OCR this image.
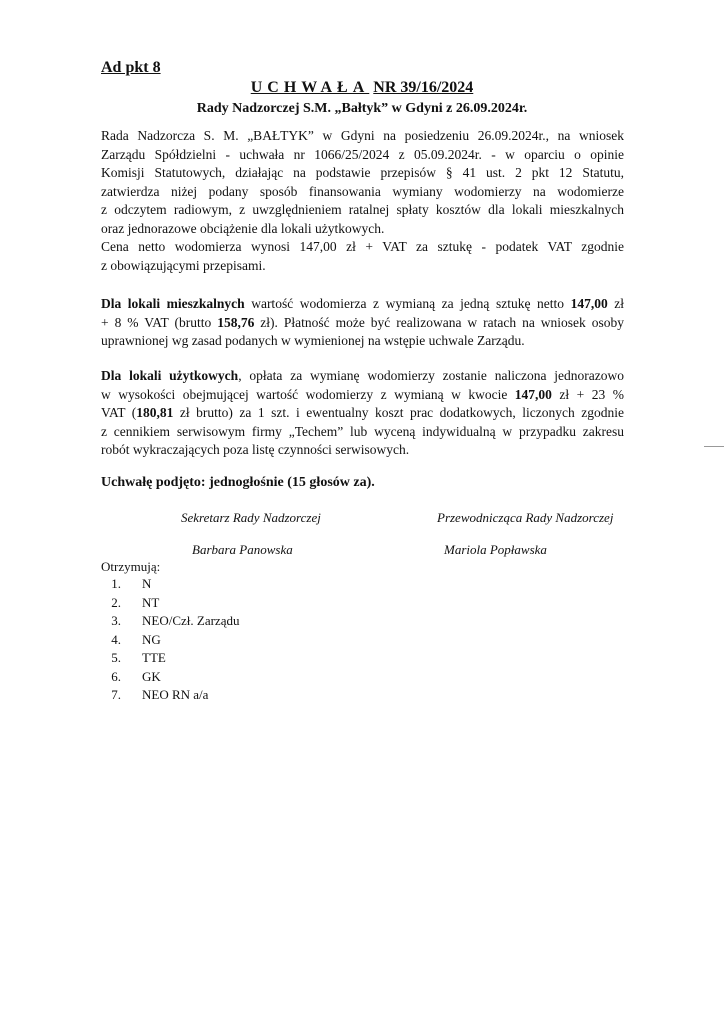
Ad pkt 8
UCHWAŁA NR 39/16/2024
Rady Nadzorczej S.M. „Bałtyk” w Gdyni z 26.09.2024r.
Rada Nadzorcza S. M. „BAŁTYK” w Gdyni na posiedzeniu 26.09.2024r., na wniosek
Zarządu Spółdzielni - uchwała nr 1066/25/2024 z 05.09.2024r. - w oparciu o opinie
Komisji Statutowych, działając na podstawie przepisów § 41 ust. 2 pkt 12 Statutu,
zatwierdza niżej podany sposób finansowania wymiany wodomierzy na wodomierze
z odczytem radiowym, z uwzględnieniem ratalnej spłaty kosztów dla lokali mieszkalnych
oraz jednorazowe obciążenie dla lokali użytkowych.
Cena netto wodomierza wynosi 147,00 zł + VAT za sztukę - podatek VAT zgodnie
z obowiązującymi przepisami.
Dla lokali mieszkalnych wartość wodomierza z wymianą za jedną sztukę netto 147,00 zł
+ 8 % VAT (brutto 158,76 zł). Płatność może być realizowana w ratach na wniosek osoby
uprawnionej wg zasad podanych w wymienionej na wstępie uchwale Zarządu.
Dla lokali użytkowych, opłata za wymianę wodomierzy zostanie naliczona jednorazowo
w wysokości obejmującej wartość wodomierzy z wymianą w kwocie 147,00 zł + 23 %
VAT (180,81 zł brutto) za 1 szt. i ewentualny koszt prac dodatkowych, liczonych zgodnie
z cennikiem serwisowym firmy „Techem” lub wyceną indywidualną w przypadku zakresu
robót wykraczających poza listę czynności serwisowych.
Uchwałę podjęto: jednogłośnie (15 głosów za).
Sekretarz Rady Nadzorczej	Przewodnicząca Rady Nadzorczej
Barbara Panowska	Mariola Popławska
Otrzymują:
1. N
2. NT
3. NEO/Czł. Zarządu
4. NG
5. TTE
6. GK
7. NEO RN a/a
